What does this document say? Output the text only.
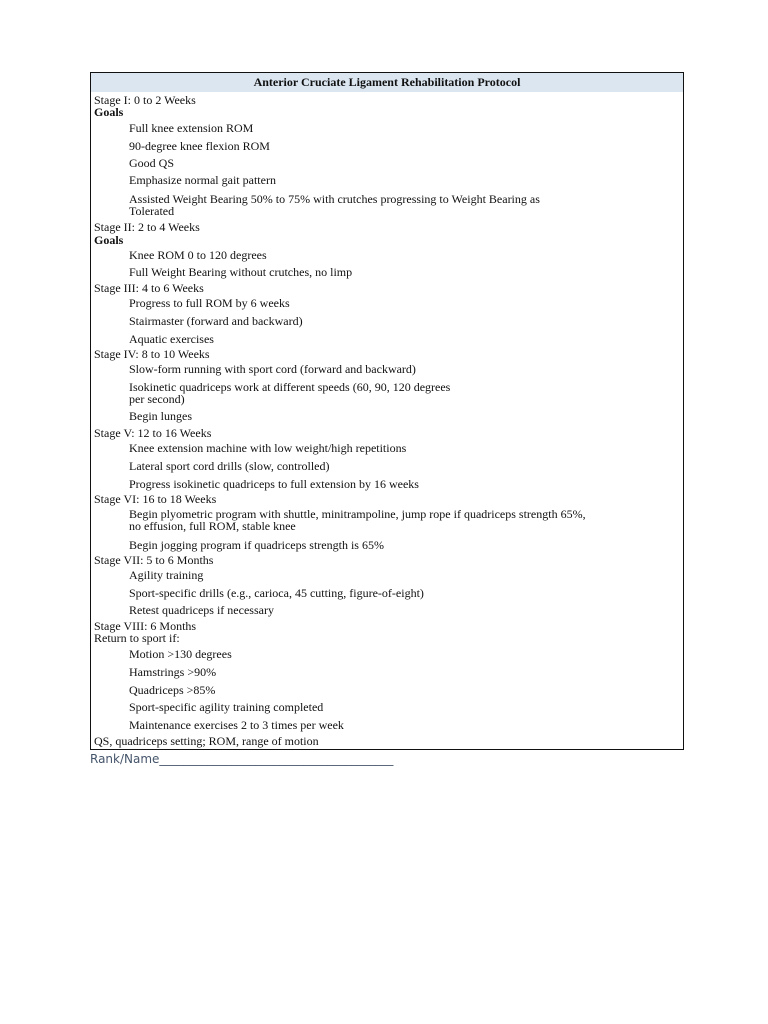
Anterior Cruciate Ligament Rehabilitation Protocol
Stage I: 0 to 2 Weeks
Goals
Full knee extension ROM
90-degree knee flexion ROM
Good QS
Emphasize normal gait pattern
Assisted Weight Bearing 50% to 75% with crutches progressing to Weight Bearing as
Tolerated
Stage II: 2 to 4 Weeks
Goals
Knee ROM 0 to 120 degrees
Full Weight Bearing without crutches, no limp
Stage III: 4 to 6 Weeks
Progress to full ROM by 6 weeks
Stairmaster (forward and backward)
Aquatic exercises
Stage IV: 8 to 10 Weeks
Slow-form running with sport cord (forward and backward)
Isokinetic quadriceps work at different speeds (60, 90, 120 degrees
per second)
Begin lunges
Stage V: 12 to 16 Weeks
Knee extension machine with low weight/high repetitions
Lateral sport cord drills (slow, controlled)
Progress isokinetic quadriceps to full extension by 16 weeks
Stage VI: 16 to 18 Weeks
Begin plyometric program with shuttle, minitrampoline, jump rope if quadriceps strength 65%,
no effusion, full ROM, stable knee
Begin jogging program if quadriceps strength is 65%
Stage VII: 5 to 6 Months
Agility training
Sport-specific drills (e.g., carioca, 45 cutting, figure-of-eight)
Retest quadriceps if necessary
Stage VIII: 6 Months
Return to sport if:
Motion >130 degrees
Hamstrings >90%
Quadriceps >85%
Sport-specific agility training completed
Maintenance exercises 2 to 3 times per week
QS, quadriceps setting; ROM, range of motion
Rank/Name_______________________________________
